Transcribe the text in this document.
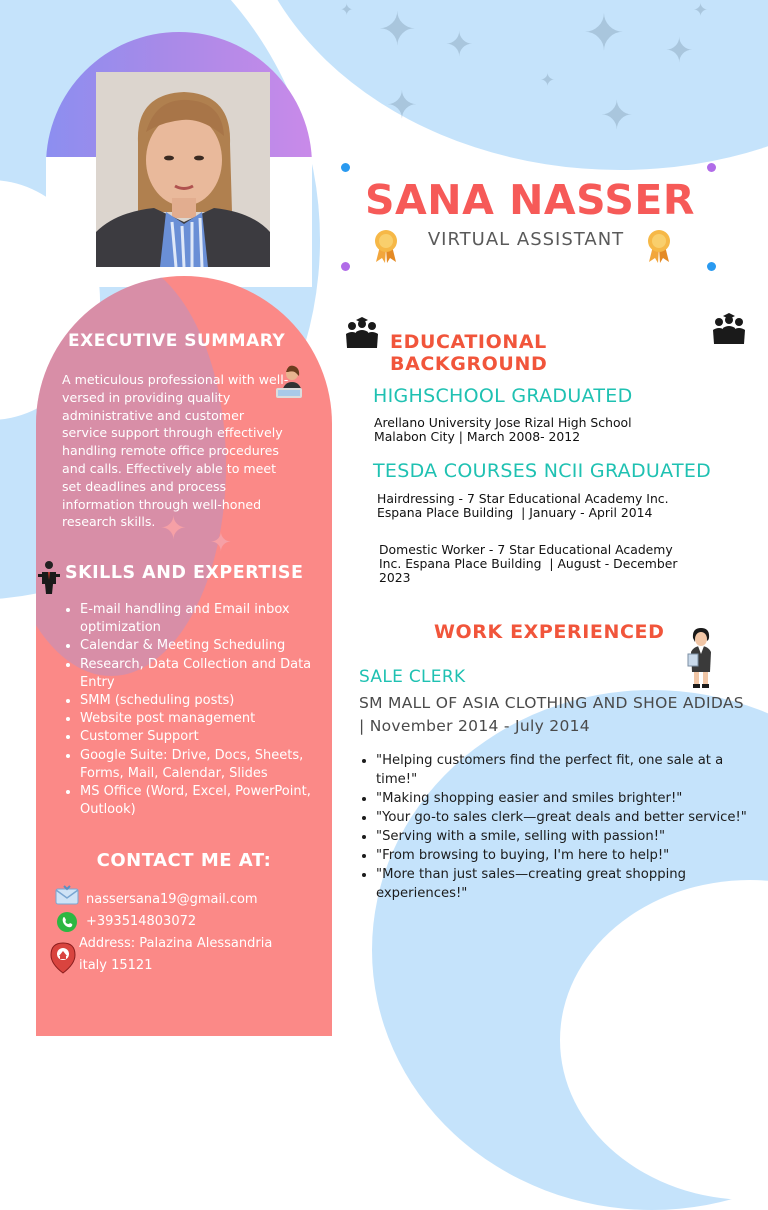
✦ ✦
✦	✦ ✦
✦	✦
✦
✦
✦ ✦
EXECUTIVE SUMMARY
A meticulous professional with well-versed in providing quality administrative and customer service support through effectively handling remote office procedures and calls. Effectively able to meet set deadlines and process information through well-honed research skills.
SKILLS AND EXPERTISE
• E-mail handling and Email inbox optimization
• Calendar & Meeting Scheduling
• Research, Data Collection and Data Entry
• SMM (scheduling posts)
• Website post management
• Customer Support
• Google Suite: Drive, Docs, Sheets, Forms, Mail, Calendar, Slides
• MS Office (Word, Excel, PowerPoint, Outlook)
CONTACT ME AT:
nassersana19@gmail.com
+393514803072
Address: Palazina Alessandria
italy 15121
SANA NASSER
VIRTUAL ASSISTANT
EDUCATIONAL BACKGROUND
HIGHSCHOOL GRADUATED
Arellano University Jose Rizal High School
Malabon City | March 2008- 2012
TESDA COURSES NCII GRADUATED
Hairdressing - 7 Star Educational Academy Inc.
Espana Place Building  | January - April 2014
Domestic Worker - 7 Star Educational Academy
Inc. Espana Place Building  | August - December
2023
WORK EXPERIENCED
SALE CLERK
SM MALL OF ASIA CLOTHING AND SHOE ADIDAS
| November 2014 - July 2014
• "Helping customers find the perfect fit, one sale at a time!"
• "Making shopping easier and smiles brighter!"
• "Your go-to sales clerk—great deals and better service!"
• "Serving with a smile, selling with passion!"
• "From browsing to buying, I'm here to help!"
• "More than just sales—creating great shopping experiences!"
